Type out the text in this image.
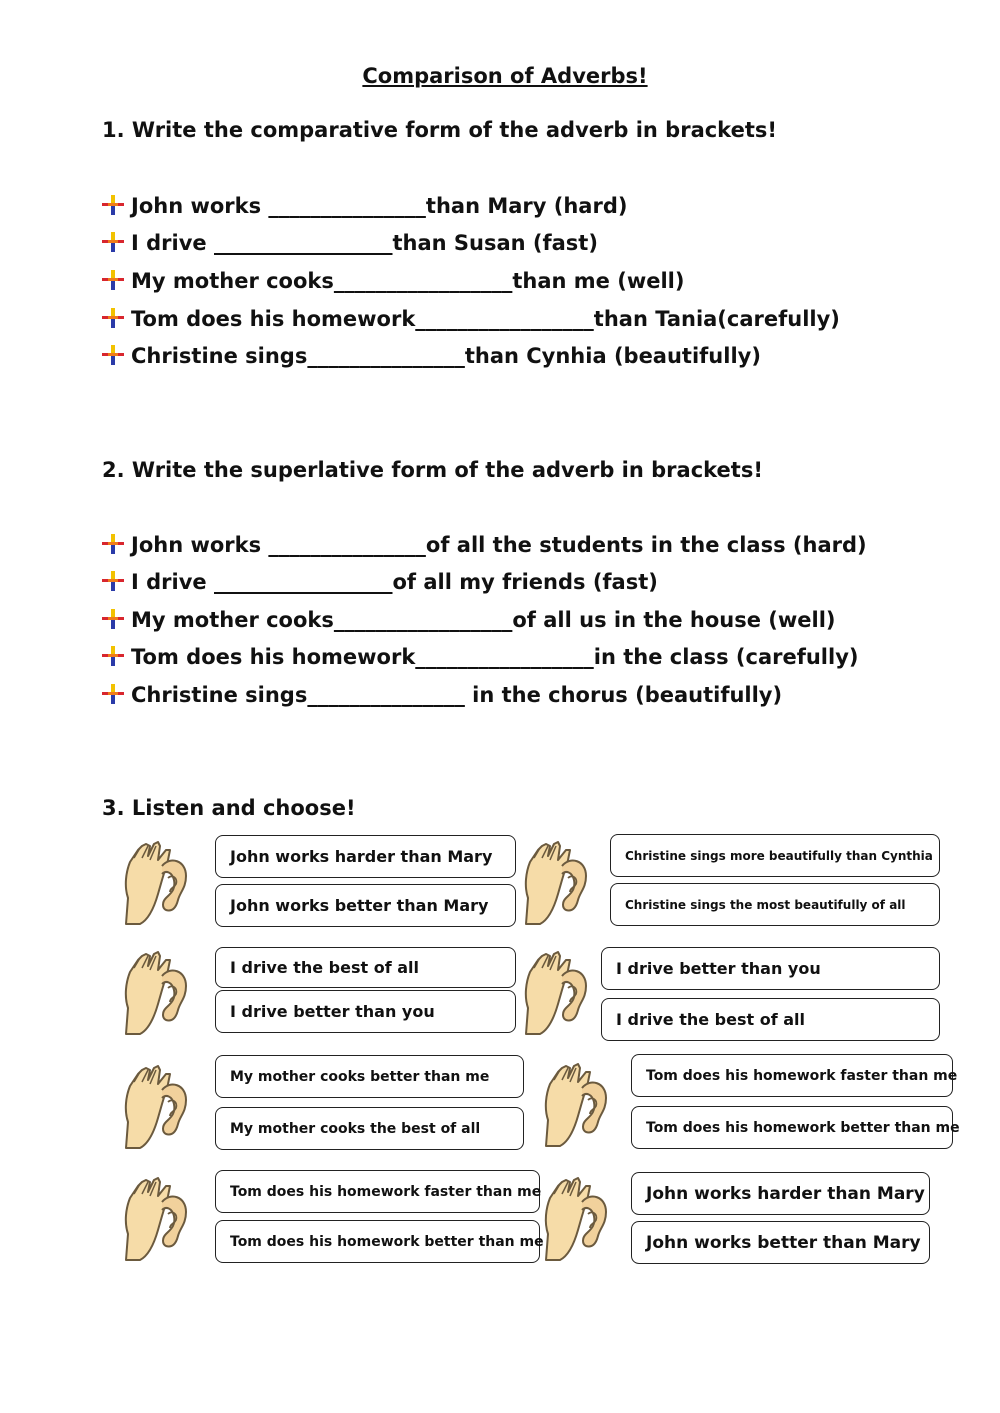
Comparison of Adverbs!
1. Write the comparative form of the adverb in brackets!
John works _______________than Mary (hard)
I drive _________________than Susan (fast)
My mother cooks_________________than me (well)
Tom does his homework_________________than Tania(carefully)
Christine sings_______________than Cynhia (beautifully)
2. Write the superlative form of the adverb in brackets!
John works _______________of all the students in the class (hard)
I drive _________________of all my friends (fast)
My mother cooks_________________of all us in the house (well)
Tom does his homework_________________in the class (carefully)
Christine sings_______________ in the chorus (beautifully)
3. Listen and choose!
John works harder than Mary
John works better than Mary
Christine sings more beautifully than Cynthia
Christine sings the most beautifully of all
I drive the best of all
I drive better than you
I drive better than you
I drive the best of all
My mother cooks better than me
My mother cooks the best of all
Tom does his homework faster than me
Tom does his homework better than me
Tom does his homework faster than me
Tom does his homework better than me
John works harder than Mary
John works better than Mary
